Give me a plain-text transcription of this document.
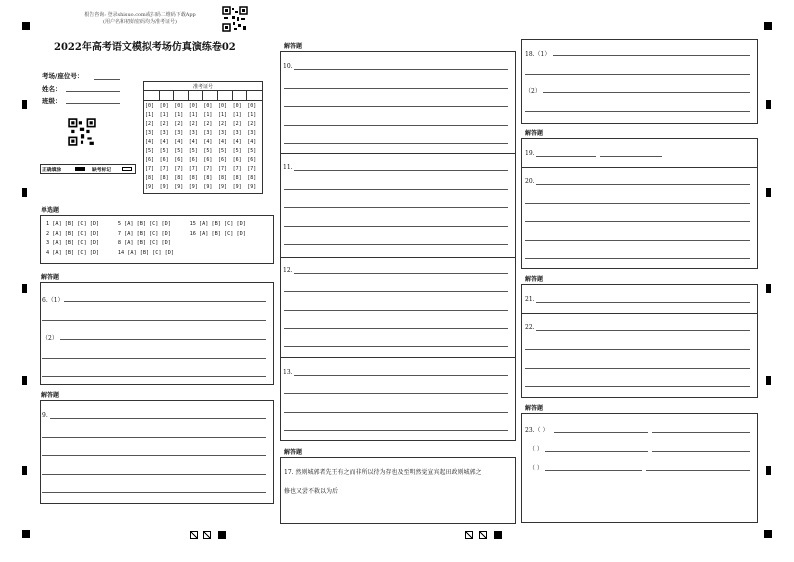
根告咨询: 登录shisuo.com或扫码二维码下载App
(用户名和初始密码均为准考证号)
2022年高考语文模拟考场仿真演练卷02
考场/座位号：
姓名：
班级：
正确填涂	缺考标记
准考证号
[0] [0] [0] [0] [0] [0] [0] [0]
[1] [1] [1] [1] [1] [1] [1] [1]
[2] [2] [2] [2] [2] [2] [2] [2]
[3] [3] [3] [3] [3] [3] [3] [3]
[4] [4] [4] [4] [4] [4] [4] [4]
[5] [5] [5] [5] [5] [5] [5] [5]
[6] [6] [6] [6] [6] [6] [6] [6]
[7] [7] [7] [7] [7] [7] [7] [7]
[8] [8] [8] [8] [8] [8] [8] [8]
[9] [9] [9] [9] [9] [9] [9] [9]
单选题
1 [A] [B] [C] [D]      5 [A] [B] [C] [D]      15 [A] [B] [C] [D]
2 [A] [B] [C] [D]      7 [A] [B] [C] [D]      16 [A] [B] [C] [D]
3 [A] [B] [C] [D]      8 [A] [B] [C] [D]
4 [A] [B] [C] [D]      14 [A] [B] [C] [D]
解答题
6.（1）
（2）
解答题
9.
解答题
10.
11.
12.
13.
解答题
17. 然则城郭者先王有之而非所以待为存也及至明然觉宣宾起田政则城郭之
修也又尝不救以为后
18.（1）
（2）
解答题
19.
20.
解答题
21.
22.
解答题
23.（ ）
（ ）
（ ）
